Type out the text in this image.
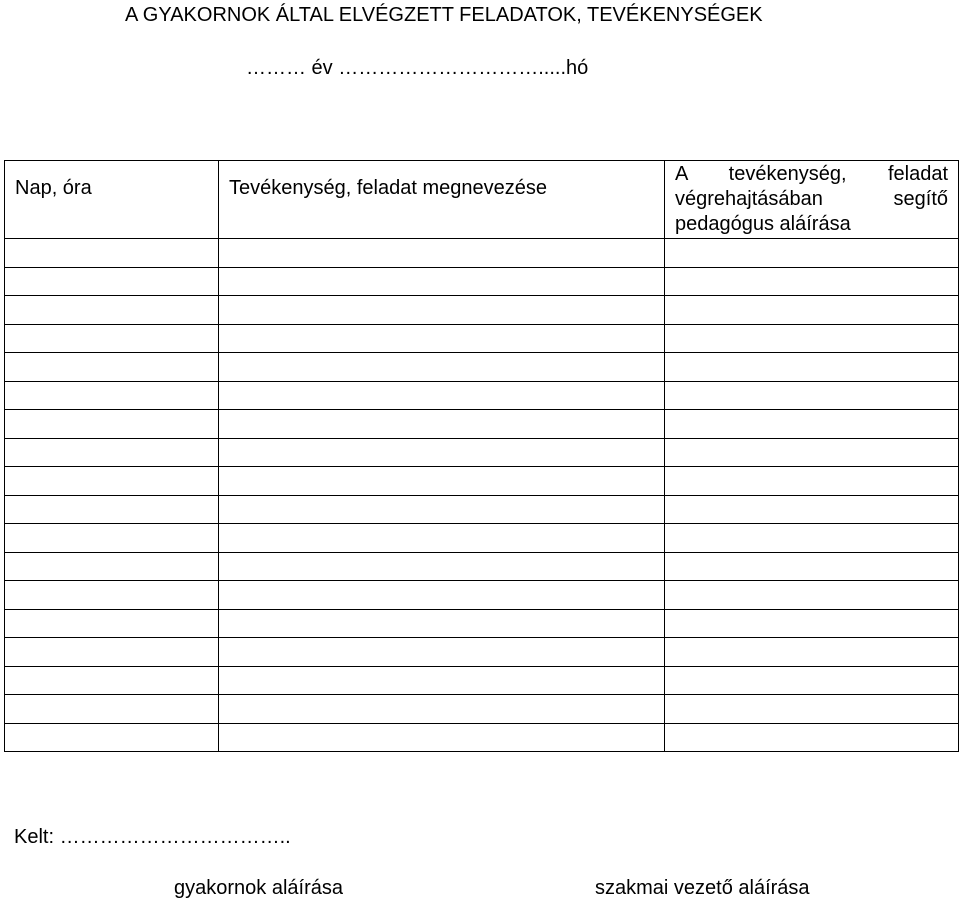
A GYAKORNOK ÁLTAL ELVÉGZETT FELADATOK, TEVÉKENYSÉGEK
……… év ………………………….....hó
Nap, óra	Tevékenység, feladat megnevezése	A tevékenység, feladat végrehajtásában segítő
pedagógus aláírása

Kelt: ……………………………..
gyakornok aláírása	szakmai vezető aláírása
